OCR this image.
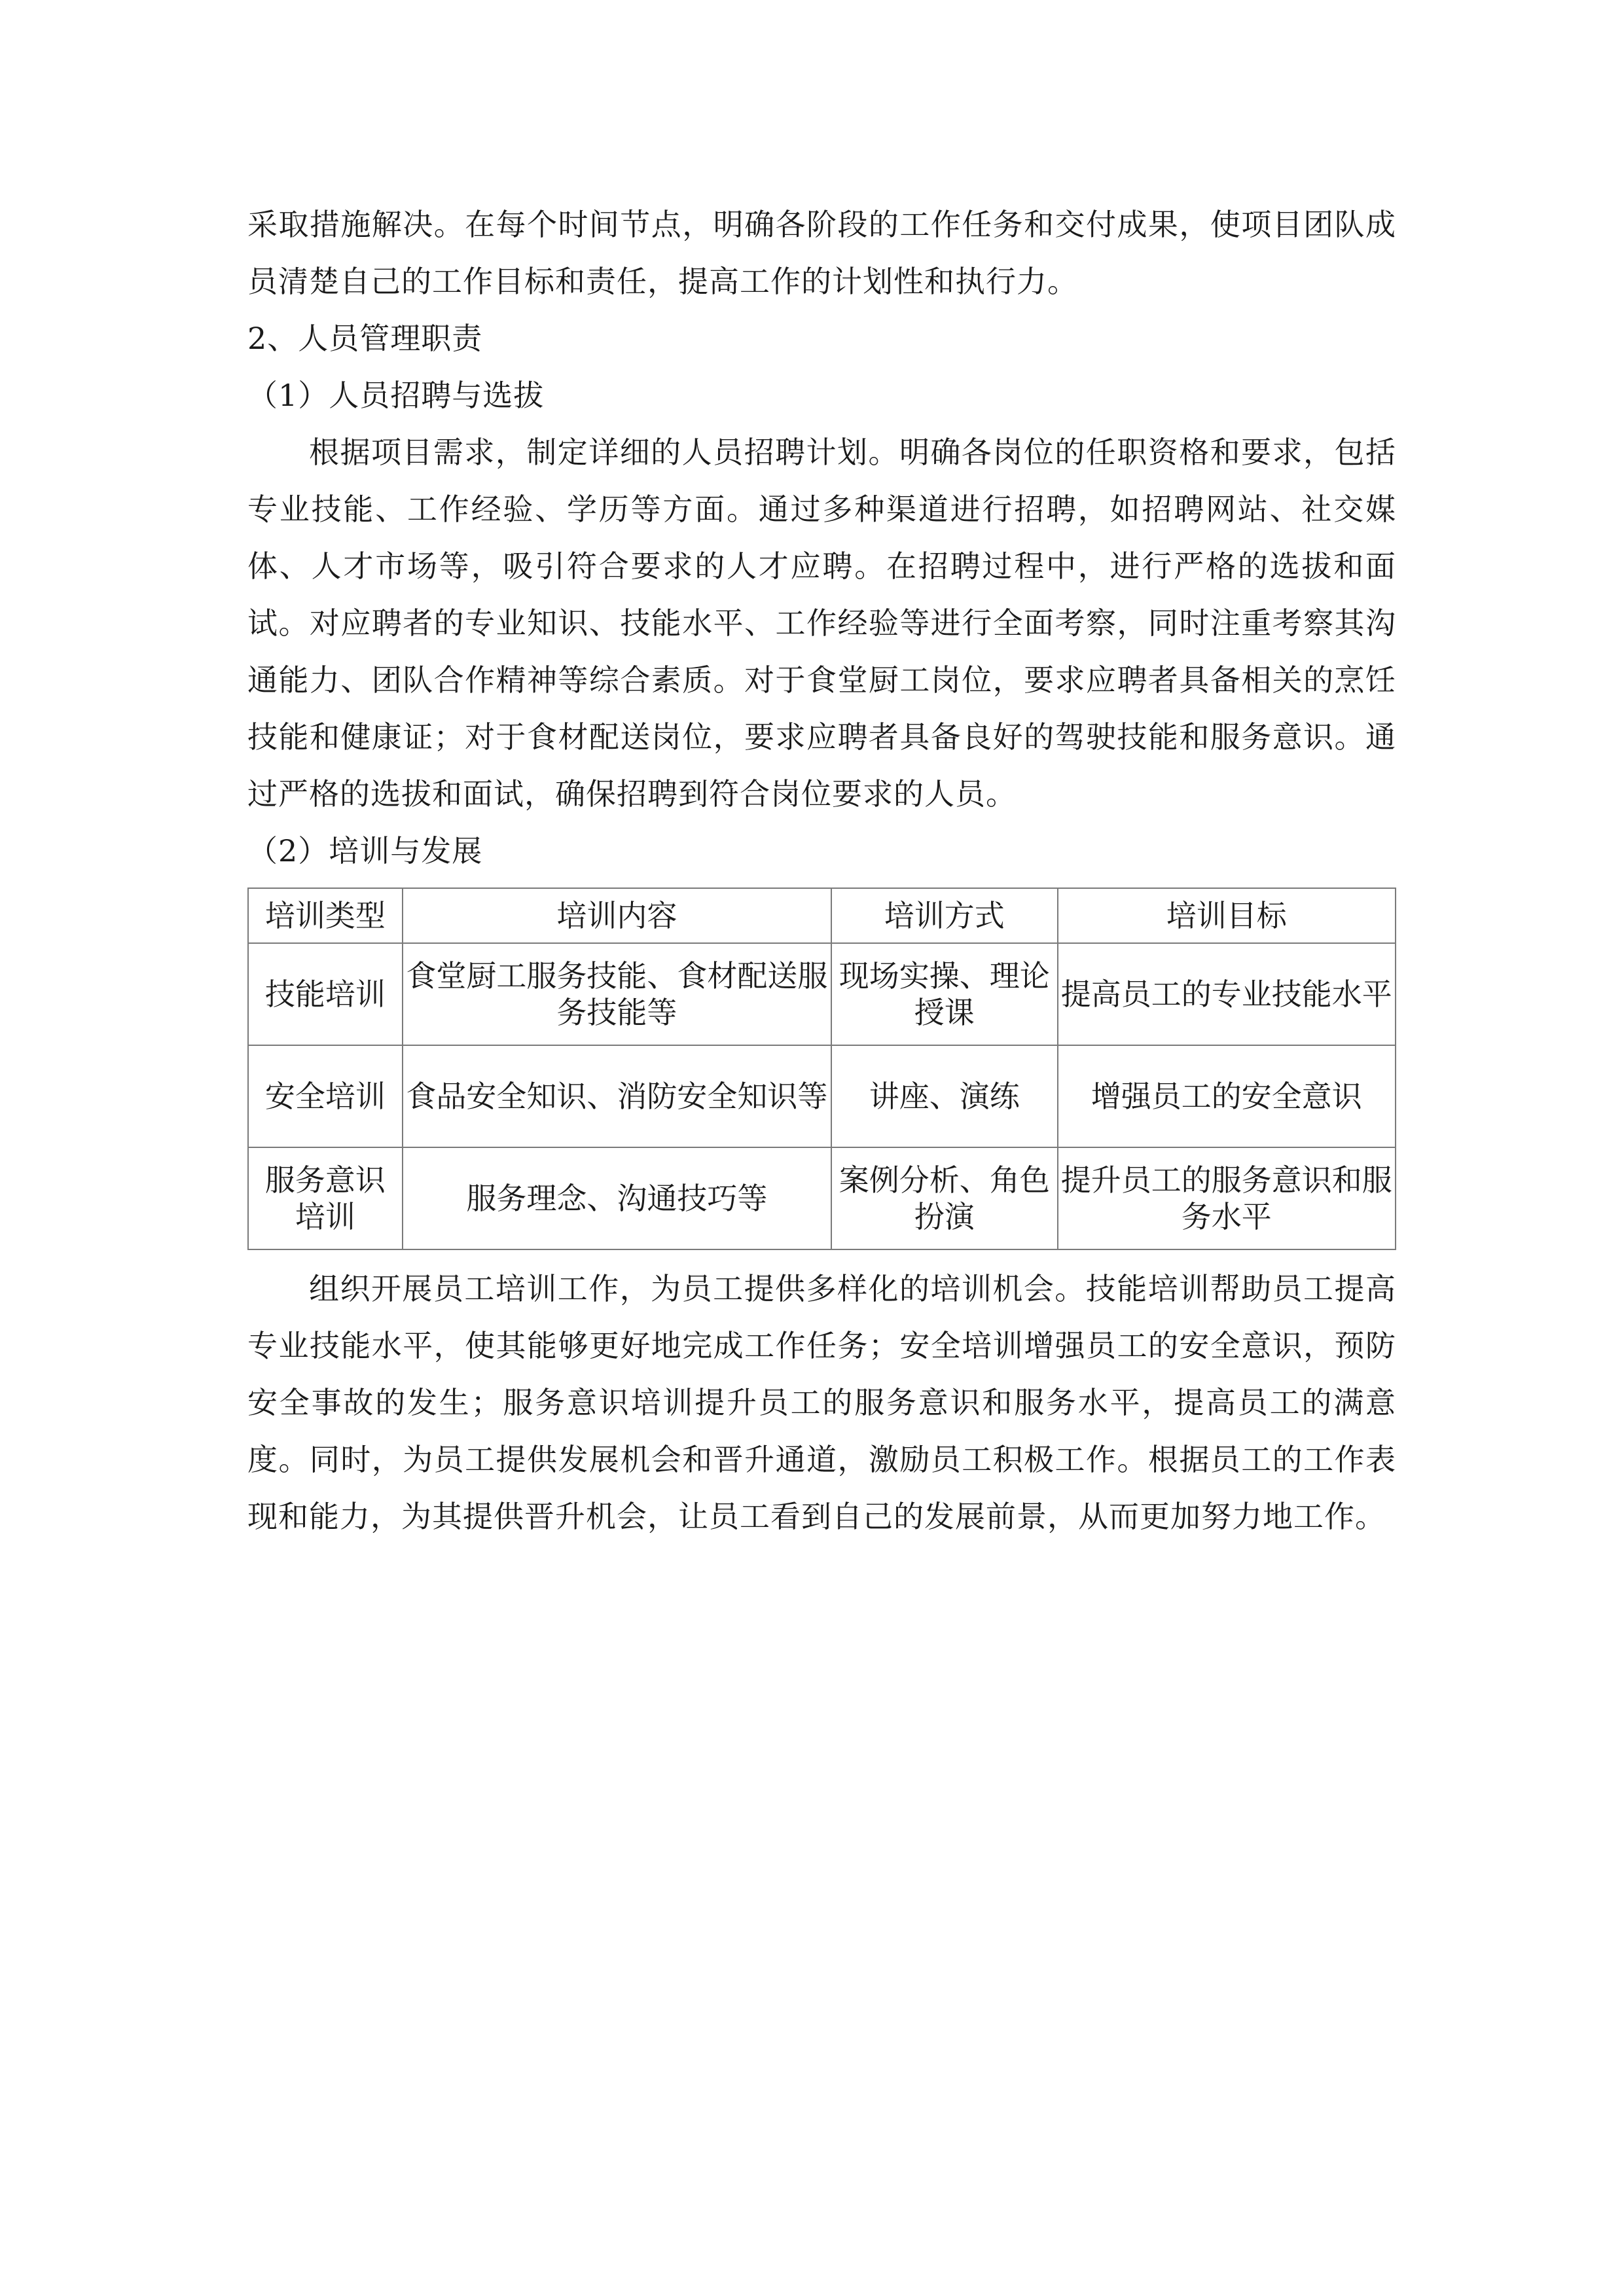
采取措施解决。在每个时间节点，明确各阶段的工作任务和交付成果，使项目团队成员清楚自己的工作目标和责任，提高工作的计划性和执行力。

2、人员管理职责

（1）人员招聘与选拔

根据项目需求，制定详细的人员招聘计划。明确各岗位的任职资格和要求，包括专业技能、工作经验、学历等方面。通过多种渠道进行招聘，如招聘网站、社交媒体、人才市场等，吸引符合要求的人才应聘。在招聘过程中，进行严格的选拔和面试。对应聘者的专业知识、技能水平、工作经验等进行全面考察，同时注重考察其沟通能力、团队合作精神等综合素质。对于食堂厨工岗位，要求应聘者具备相关的烹饪技能和健康证；对于食材配送岗位，要求应聘者具备良好的驾驶技能和服务意识。通过严格的选拔和面试，确保招聘到符合岗位要求的人员。

（2）培训与发展

培训类型	培训内容	培训方式	培训目标
技能培训	食堂厨工服务技能、食材配送服务技能等	现场实操、理论授课	提高员工的专业技能水平
安全培训	食品安全知识、消防安全知识等	讲座、演练	增强员工的安全意识
服务意识培训	服务理念、沟通技巧等	案例分析、角色扮演	提升员工的服务意识和服务水平

组织开展员工培训工作，为员工提供多样化的培训机会。技能培训帮助员工提高专业技能水平，使其能够更好地完成工作任务；安全培训增强员工的安全意识，预防安全事故的发生；服务意识培训提升员工的服务意识和服务水平，提高员工的满意度。同时，为员工提供发展机会和晋升通道，激励员工积极工作。根据员工的工作表现和能力，为其提供晋升机会，让员工看到自己的发展前景，从而更加努力地工作。
